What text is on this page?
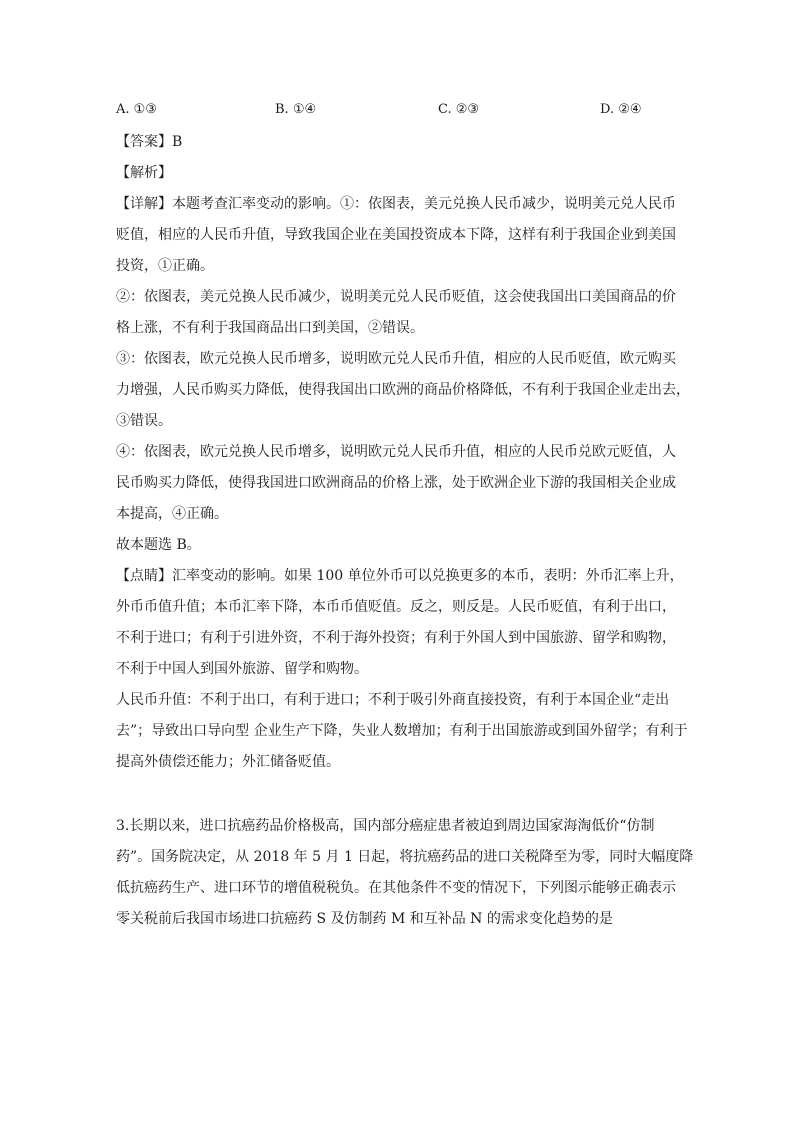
A. ①③	B. ①④	C. ②③	D. ②④
【答案】B
【解析】
【详解】本题考查汇率变动的影响。①：依图表，美元兑换人民币减少，说明美元兑人民币
贬值，相应的人民币升值，导致我国企业在美国投资成本下降，这样有利于我国企业到美国
投资，①正确。
②：依图表，美元兑换人民币减少，说明美元兑人民币贬值，这会使我国出口美国商品的价
格上涨，不有利于我国商品出口到美国，②错误。
③：依图表，欧元兑换人民币增多，说明欧元兑人民币升值，相应的人民币贬值，欧元购买
力增强，人民币购买力降低，使得我国出口欧洲的商品价格降低，不有利于我国企业走出去，
③错误。
④：依图表，欧元兑换人民币增多，说明欧元兑人民币升值，相应的人民币兑欧元贬值，人
民币购买力降低，使得我国进口欧洲商品的价格上涨，处于欧洲企业下游的我国相关企业成
本提高，④正确。
故本题选 B。
【点睛】汇率变动的影响。如果 100 单位外币可以兑换更多的本币，表明：外币汇率上升，
外币币值升值；本币汇率下降，本币币值贬值。反之，则反是。人民币贬值，有利于出口，
不利于进口；有利于引进外资，不利于海外投资；有利于外国人到中国旅游、留学和购物，
不利于中国人到国外旅游、留学和购物。
人民币升值：不利于出口，有利于进口；不利于吸引外商直接投资，有利于本国企业“走出
去”；导致出口导向型 企业生产下降，失业人数增加；有利于出国旅游或到国外留学；有利于
提高外债偿还能力；外汇储备贬值。
3.长期以来，进口抗癌药品价格极高，国内部分癌症患者被迫到周边国家海淘低价“仿制
药”。国务院决定，从 2018 年 5 月 1 日起，将抗癌药品的进口关税降至为零，同时大幅度降
低抗癌药生产、进口环节的增值税税负。在其他条件不变的情况下，下列图示能够正确表示
零关税前后我国市场进口抗癌药 S 及仿制药 M 和互补品 N 的需求变化趋势的是
